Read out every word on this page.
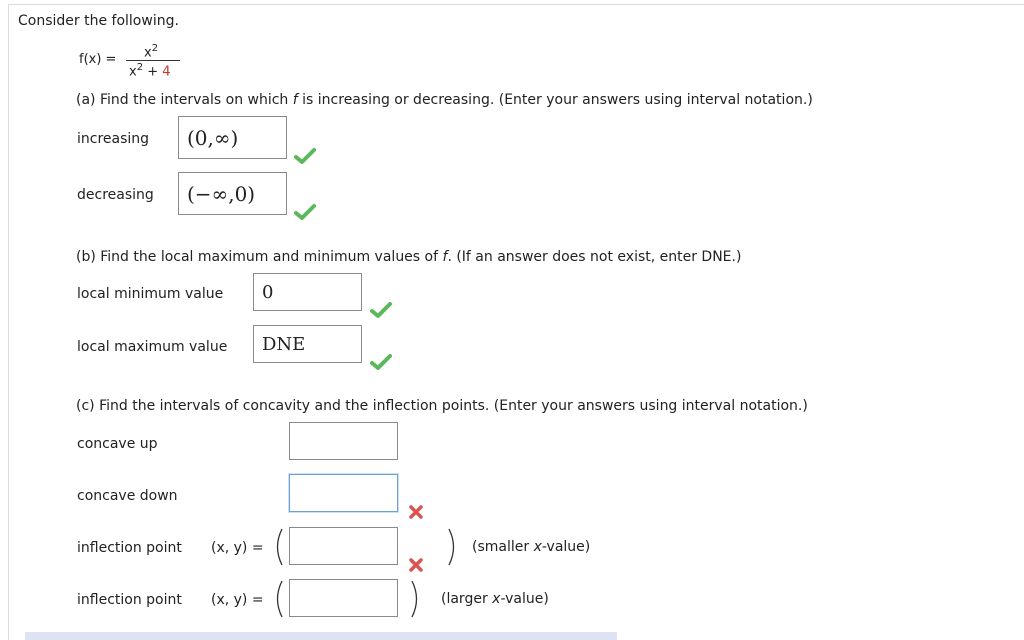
Consider the following.
$f(x) = x^2$
$x^2 + 4$
(a) Find the intervals on which f is increasing or decreasing. (Enter your answers using interval notation.)
increasing	(0,∞)
decreasing	(−∞,0)
(b) Find the local maximum and minimum values of f. (If an answer does not exist, enter DNE.)
local minimum value	0
local maximum value	DNE
(c) Find the intervals of concavity and the inflection points. (Enter your answers using interval notation.)
concave up
concave down
inflection point (x, y) =	(smaller x-value)
inflection point (x, y) =	(larger x-value)
